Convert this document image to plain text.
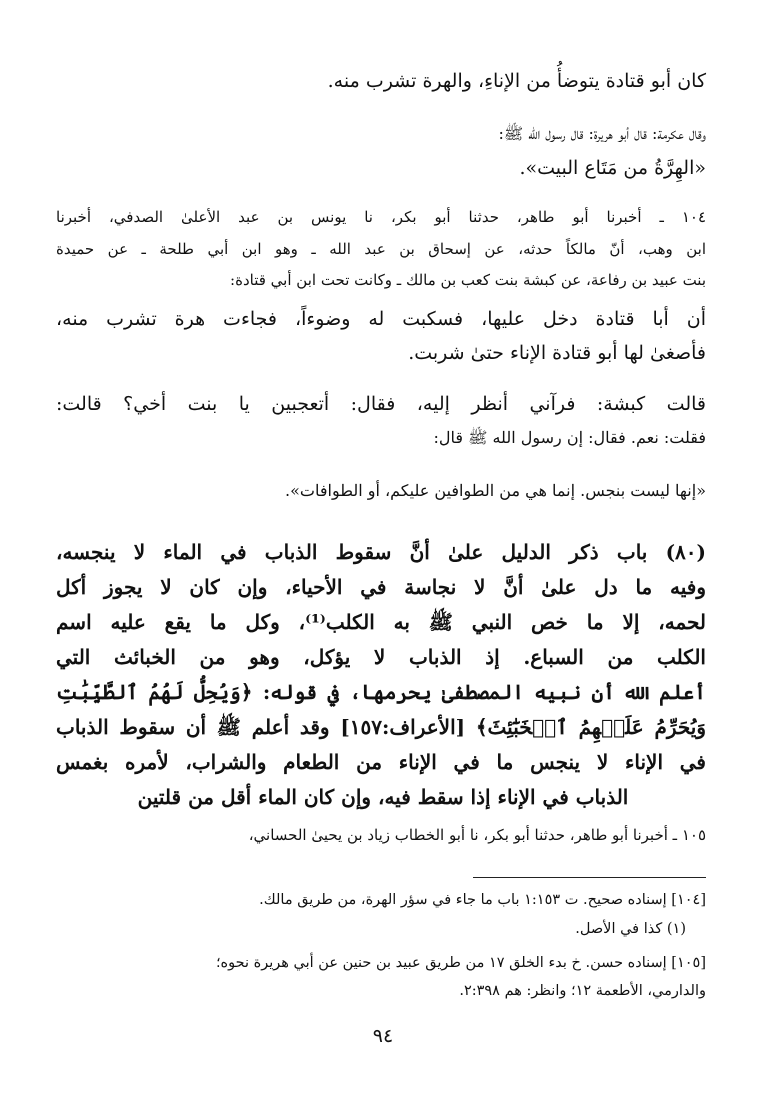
كان أبو قتادة يتوضأُ من الإناءِ، والهرة تشرب منه.

وقال عكرمة: قال أبو هريرة: قال رسول الله ﷺ:

«الهِرَّةُ من مَتَاع البيت».

١٠٤ ـ أخبرنا أبو طاهر، حدثنا أبو بكر، نا يونس بن عبد الأعلىٰ الصدفي، أخبرنا

ابن وهب، أنّ مالكاً حدثه، عن إسحاق بن عبد الله ـ وهو ابن أبي طلحة ـ عن حميدة

بنت عبيد بن رفاعة، عن كبشة بنت كعب بن مالك ـ وكانت تحت ابن أبي قتادة:

أن أبا قتادة دخل عليها، فسكبت له وضوءاً، فجاءت هرة تشرب منه،

فأصغىٰ لها أبو قتادة الإناء حتىٰ شربت.

قالت كبشة: فرآني أنظر إليه، فقال: أتعجبين يا بنت أخي؟ قالت:

فقلت: نعم. فقال: إن رسول الله ﷺ قال:

«إنها ليست بنجس. إنما هي من الطوافين عليكم، أو الطوافات».

(٨٠) باب ذكر الدليل علىٰ أنَّ سقوط الذباب في الماء لا ينجسه،

وفيه ما دل علىٰ أنَّ لا نجاسة في الأحياء، وإن كان لا يجوز أكل

لحمه، إلا ما خص النبي ﷺ به الكلب⁽¹⁾، وكل ما يقع عليه اسم

الكلب من السباع. إذ الذباب لا يؤكل، وهو من الخبائث التي

أعلم الله أن نبيه المصطفىٰ يحرمها، في قوله: ﴿وَيُحِلُّ لَهُمُ ٱلطَّيِّبَٰتِ

وَيُحَرِّمُ عَلَيۡهِمُ ٱلۡخَبَٰٓئِثَ﴾ [الأعراف:١٥٧] وقد أعلم ﷺ أن سقوط الذباب

في الإناء لا ينجس ما في الإناء من الطعام والشراب، لأمره بغمس

الذباب في الإناء إذا سقط فيه، وإن كان الماء أقل من قلتين

١٠٥ ـ أخبرنا أبو طاهر، حدثنا أبو بكر، نا أبو الخطاب زياد بن يحيىٰ الحساني،

[١٠٤] إسناده صحيح. ت ١:١٥٣ باب ما جاء في سؤر الهرة، من طريق مالك.

(١) كذا في الأصل.

[١٠٥] إسناده حسن. خ بدء الخلق ١٧ من طريق عبيد بن حنين عن أبي هريرة نحوه؛

والدارمي، الأطعمة ١٢؛ وانظر: هم ٢:٣٩٨.

٩٤
